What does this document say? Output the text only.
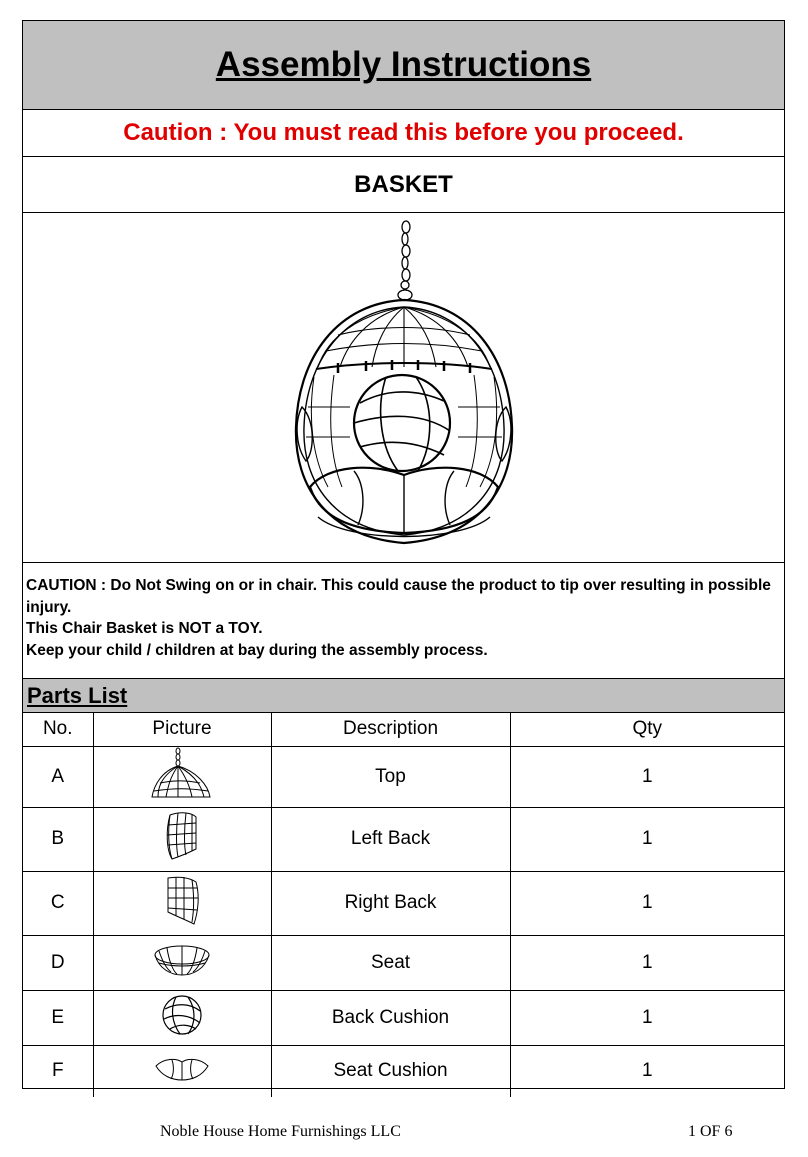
Assembly Instructions
Caution : You must read this before you proceed.
BASKET

CAUTION : Do Not Swing on or in chair. This could cause the product to tip over resulting in possible injury.

This Chair Basket is NOT a TOY.

Keep your child / children at bay during the assembly process.

Parts List
No.	Picture	Description	Qty
A		Top	1
B		Left Back	1
C		Right Back	1
D		Seat	1
E		Back Cushion	1
F		Seat Cushion	1
Noble House Home Furnishings LLC	1 OF 6
